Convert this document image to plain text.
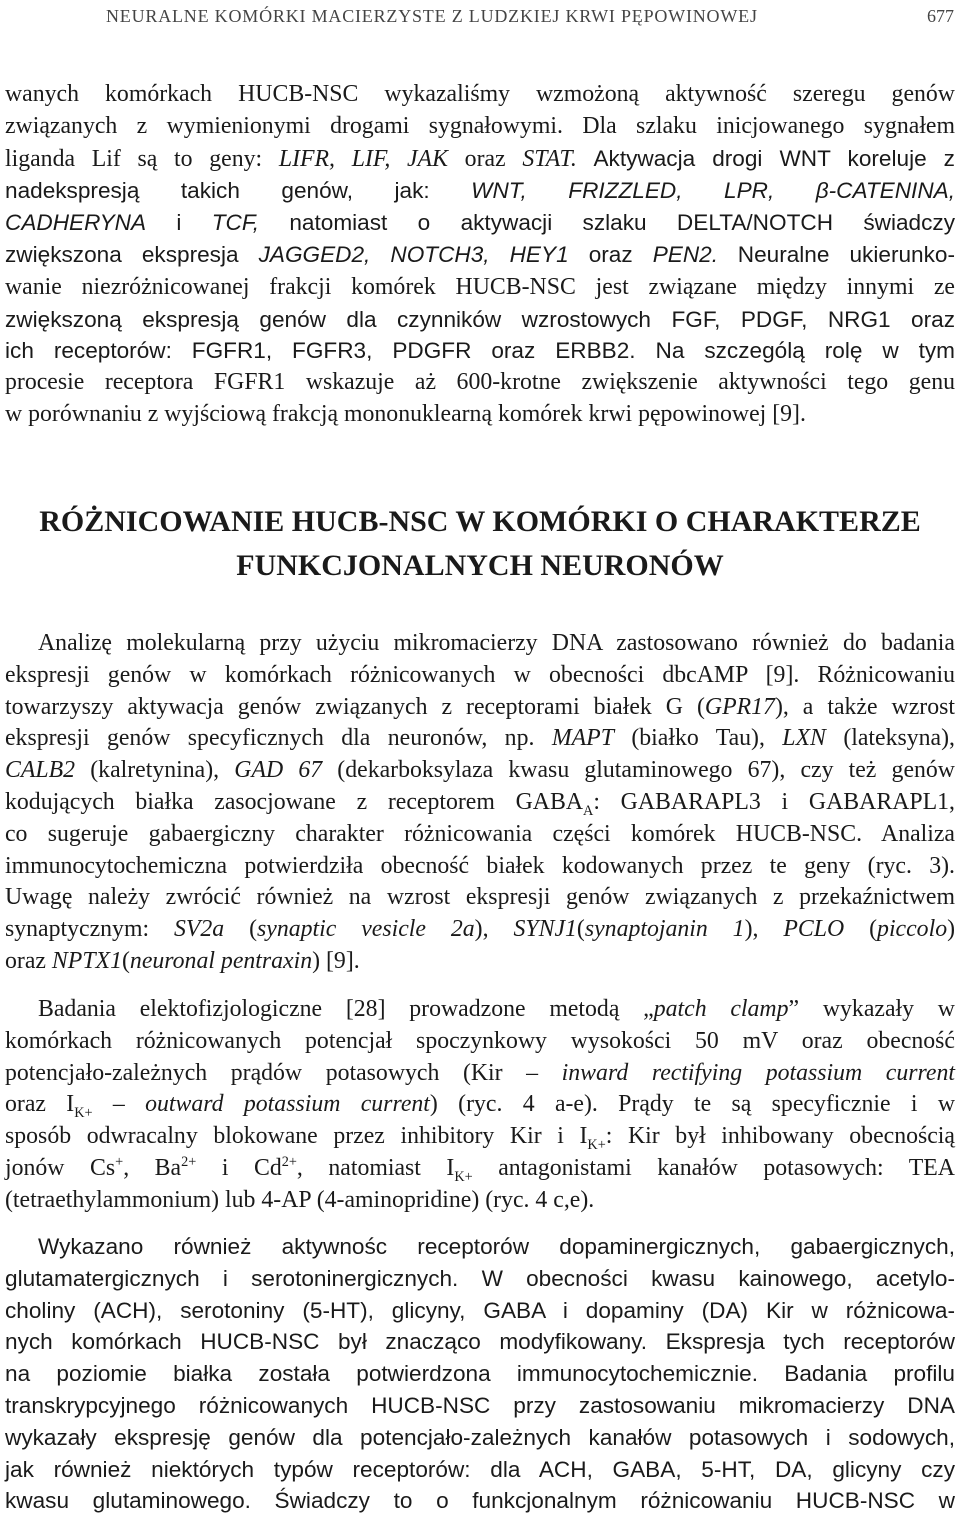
NEURALNE KOMÓRKI MACIERZYSTE Z LUDZKIEJ KRWI PĘPOWINOWEJ	677

wanych komórkach HUCB-NSC wykazaliśmy wzmożoną aktywność szeregu genów
związanych z wymienionymi drogami sygnałowymi. Dla szlaku inicjowanego sygnałem
liganda Lif są to geny: LIFR, LIF, JAK oraz STAT. Aktywacja drogi WNT koreluje z
nadekspresją takich genów, jak: WNT, FRIZZLED, LPR, β-CATENINA,
CADHERYNA i TCF, natomiast o aktywacji szlaku DELTA/NOTCH świadczy
zwiększona ekspresja JAGGED2, NOTCH3, HEY1 oraz PEN2. Neuralne ukierunko-
wanie niezróżnicowanej frakcji komórek HUCB-NSC jest związane między innymi ze
zwiększoną ekspresją genów dla czynników wzrostowych FGF, PDGF, NRG1 oraz
ich receptorów: FGFR1, FGFR3, PDGFR oraz ERBB2. Na szczególą rolę w tym
procesie receptora FGFR1 wskazuje aż 600-krotne zwiększenie aktywności tego genu
w porównaniu z wyjściową frakcją mononuklearną komórek krwi pępowinowej [9].

RÓŻNICOWANIE HUCB-NSC W KOMÓRKI O CHARAKTERZE
FUNKCJONALNYCH NEURONÓW

Analizę molekularną przy użyciu mikromacierzy DNA zastosowano również do badania
ekspresji genów w komórkach różnicowanych w obecności dbcAMP [9]. Różnicowaniu
towarzyszy aktywacja genów związanych z receptorami białek G (GPR17), a także wzrost
ekspresji genów specyficznych dla neuronów, np. MAPT (białko Tau), LXN (lateksyna),
CALB2 (kalretynina), GAD 67 (dekarboksylaza kwasu glutaminowego 67), czy też genów
kodujących białka zasocjowane z receptorem $GABA_A$: GABARAPL3 i GABARAPL1,
co sugeruje gabaergiczny charakter różnicowania części komórek HUCB-NSC. Analiza
immunocytochemiczna potwierdziła obecność białek kodowanych przez te geny (ryc. 3).
Uwagę należy zwrócić również na wzrost ekspresji genów związanych z przekaźnictwem
synaptycznym: SV2a (synaptic vesicle 2a), SYNJ1(synaptojanin 1), PCLO (piccolo)
oraz NPTX1(neuronal pentraxin) [9].

Badania elektofizjologiczne [28] prowadzone metodą „patch clamp” wykazały w
komórkach różnicowanych potencjał spoczynkowy wysokości 50 mV oraz obecność
potencjało-zależnych prądów potasowych (Kir – inward rectifying potassium current
oraz $I_{K+}$ – outward potassium current) (ryc. 4 a-e). Prądy te są specyficznie i w
sposób odwracalny blokowane przez inhibitory Kir i $I_{K+}$: Kir był inhibowany obecnością
jonów Cs+, $Ba^{2+}$ i $Cd^{2+}$, natomiast $I_{K+}$ antagonistami kanałów potasowych: TEA
(tetraethylammonium) lub 4-AP (4-aminopridine) (ryc. 4 c,e).

Wykazano również aktywnośc receptorów dopaminergicznych, gabaergicznych,
glutamatergicznych i serotoninergicznych. W obecności kwasu kainowego, acetylo-
choliny (ACH), serotoniny (5-HT), glicyny, GABA i dopaminy (DA) Kir w różnicowa-
nych komórkach HUCB-NSC był znacząco modyfikowany. Ekspresja tych receptorów
na poziomie białka została potwierdzona immunocytochemicznie. Badania profilu
transkrypcyjnego różnicowanych HUCB-NSC przy zastosowaniu mikromacierzy DNA
wykazały ekspresję genów dla potencjało-zależnych kanałów potasowych i sodowych,
jak również niektórych typów receptorów: dla ACH, GABA, 5-HT, DA, glicyny czy
kwasu glutaminowego. Świadczy to o funkcjonalnym różnicowaniu HUCB-NSC w
